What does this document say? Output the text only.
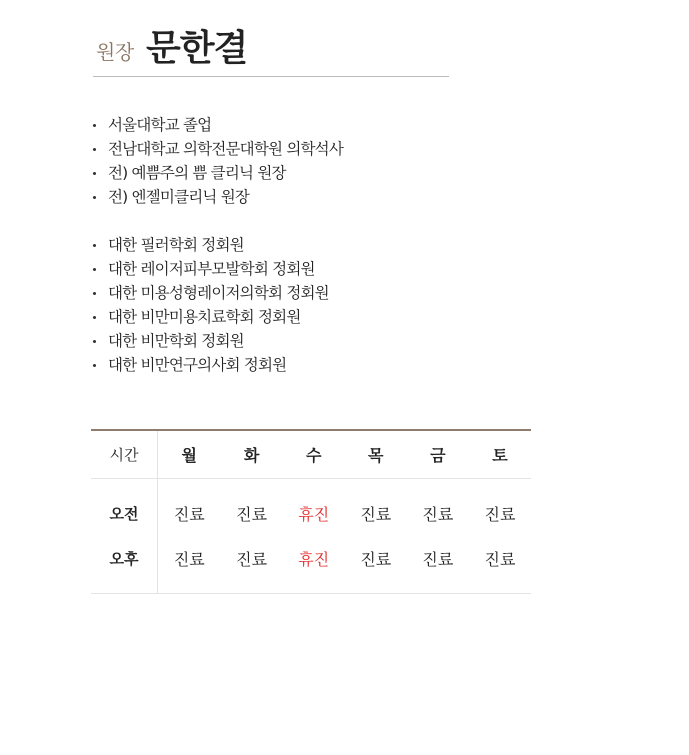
원장 문한결
서울대학교 졸업
전남대학교 의학전문대학원 의학석사
전) 예쁨주의 쁨 클리닉 원장
전) 엔젤미클리닉 원장
대한 필러학회 정회원
대한 레이저피부모발학회 정회원
대한 미용성형레이저의학회 정회원
대한 비만미용치료학회 정회원
대한 비만학회 정회원
대한 비만연구의사회 정회원
시간	월	화	수	목	금	토
오전	진료	진료	휴진	진료	진료	진료
오후	진료	진료	휴진	진료	진료	진료
